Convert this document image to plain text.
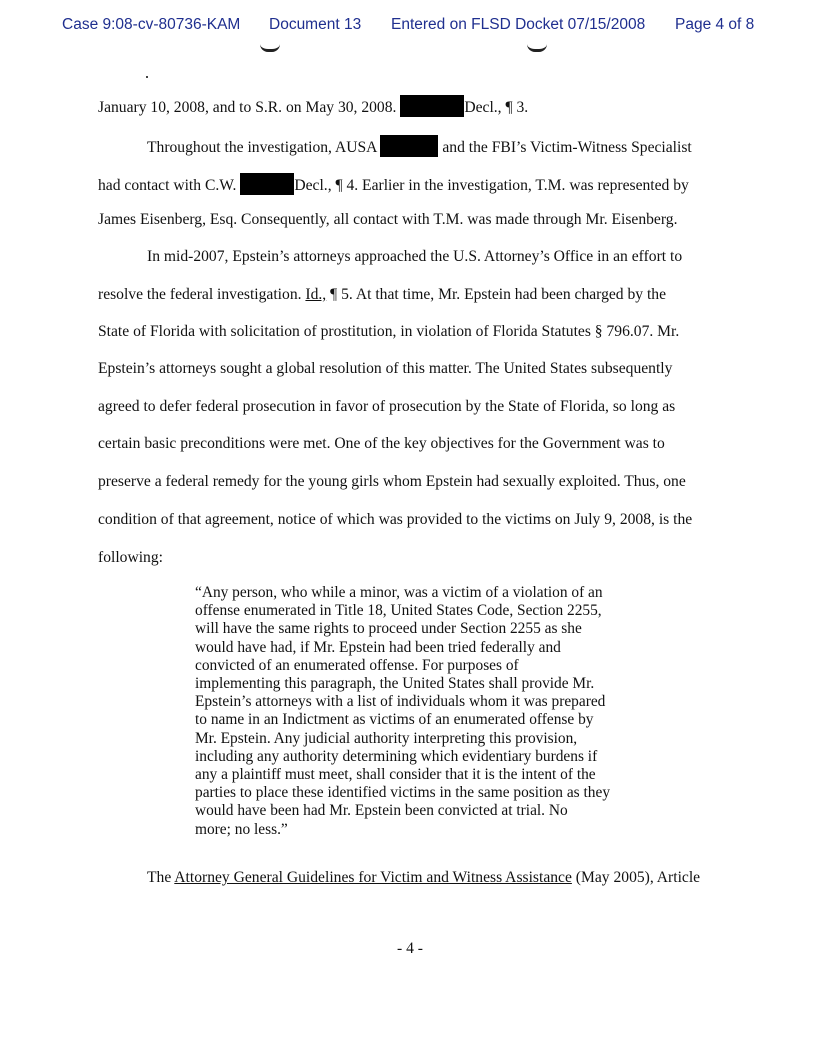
Case 9:08-cv-80736-KAM Document 13 Entered on FLSD Docket 07/15/2008 Page 4 of 8
January 10, 2008, and to S.R. on May 30, 2008.	Decl., ¶ 3.
Throughout the investigation, AUSA	and the FBI’s Victim-Witness Specialist
had contact with C.W.	Decl., ¶ 4. Earlier in the investigation, T.M. was represented by
James Eisenberg, Esq. Consequently, all contact with T.M. was made through Mr. Eisenberg.
In mid-2007, Epstein’s attorneys approached the U.S. Attorney’s Office in an effort to
resolve the federal investigation. Id., ¶ 5. At that time, Mr. Epstein had been charged by the
State of Florida with solicitation of prostitution, in violation of Florida Statutes § 796.07. Mr.
Epstein’s attorneys sought a global resolution of this matter. The United States subsequently
agreed to defer federal prosecution in favor of prosecution by the State of Florida, so long as
certain basic preconditions were met. One of the key objectives for the Government was to
preserve a federal remedy for the young girls whom Epstein had sexually exploited. Thus, one
condition of that agreement, notice of which was provided to the victims on July 9, 2008, is the
following:
“Any person, who while a minor, was a victim of a violation of an
offense enumerated in Title 18, United States Code, Section 2255,
will have the same rights to proceed under Section 2255 as she
would have had, if Mr. Epstein had been tried federally and
convicted of an enumerated offense. For purposes of
implementing this paragraph, the United States shall provide Mr.
Epstein’s attorneys with a list of individuals whom it was prepared
to name in an Indictment as victims of an enumerated offense by
Mr. Epstein. Any judicial authority interpreting this provision,
including any authority determining which evidentiary burdens if
any a plaintiff must meet, shall consider that it is the intent of the
parties to place these identified victims in the same position as they
would have been had Mr. Epstein been convicted at trial. No
more; no less.”
The Attorney General Guidelines for Victim and Witness Assistance (May 2005), Article
- 4 -
